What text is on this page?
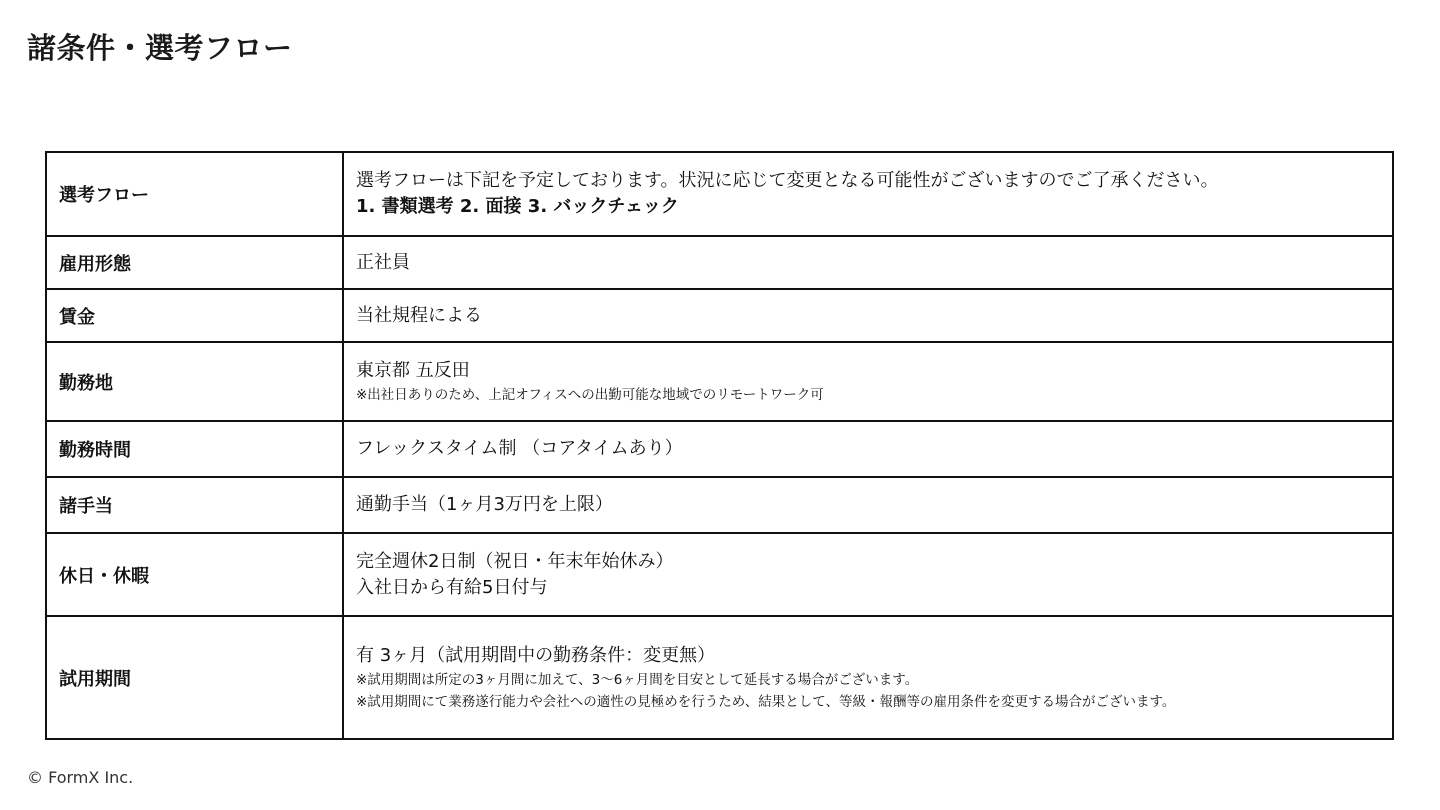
諸条件・選考フロー
選考フロー	選考フローは下記を予定しております。状況に応じて変更となる可能性がございますのでご了承ください。
1. 書類選考 2. 面接 3. バックチェック

雇用形態	正社員

賃金	当社規程による

勤務地	東京都 五反田
※出社日ありのため、上記オフィスへの出勤可能な地域でのリモートワーク可

勤務時間	フレックスタイム制 （コアタイムあり）

諸手当	通勤手当（1ヶ月3万円を上限）

休日・休暇	完全週休2日制（祝日・年末年始休み）
入社日から有給5日付与

試用期間	有 3ヶ月（試用期間中の勤務条件：変更無）
※試用期間は所定の3ヶ月間に加えて、3〜6ヶ月間を目安として延長する場合がございます。
※試用期間にて業務遂行能力や会社への適性の見極めを行うため、結果として、等級・報酬等の雇用条件を変更する場合がございます。
© FormX Inc.
